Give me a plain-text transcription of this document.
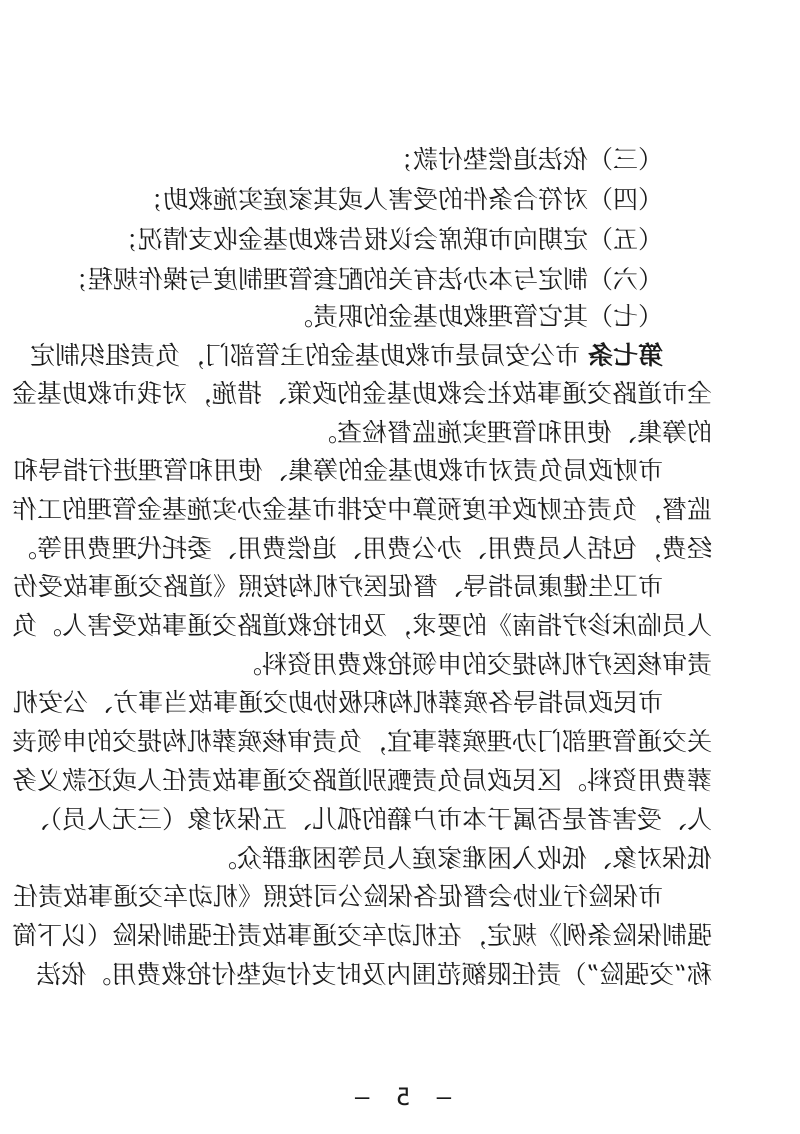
（三）依法追偿垫付款；
（四）对符合条件的受害人或其家庭实施救助；
（五）定期向市联席会议报告救助基金收支情况；
（六）制定与本办法有关的配套管理制度与操作规程；
（七）其它管理救助基金的职责。
第七条 市公安局是市救助基金的主管部门，负责组织制定
全市道路交通事故社会救助基金的政策、措施，对我市救助基金
的筹集、使用和管理实施监督检查。
市财政局负责对市救助基金的筹集、使用和管理进行指导和
监督，负责在财政年度预算中安排市基金办实施基金管理的工作
经费，包括人员费用、办公费用、追偿费用、委托代理费用等。
市卫生健康局指导、督促医疗机构按照《道路交通事故受伤
人员临床诊疗指南》的要求，及时抢救道路交通事故受害人。负
责审核医疗机构提交的申领抢救费用资料。
市民政局指导各殡葬机构积极协助交通事故当事方、公安机
关交通管理部门办理殡葬事宜，负责审核殡葬机构提交的申领丧
葬费用资料。区民政局负责甄别道路交通事故责任人或还款义务
人、受害者是否属于本市户籍的孤儿、五保对象（三无人员）、
低保对象、低收入困难家庭人员等困难群众。
市保险行业协会督促各保险公司按照《机动车交通事故责任
强制保险条例》规定，在机动车交通事故责任强制保险（以下简
称“交强险”）责任限额范围内及时支付或垫付抢救费用。依法
— 5 —
